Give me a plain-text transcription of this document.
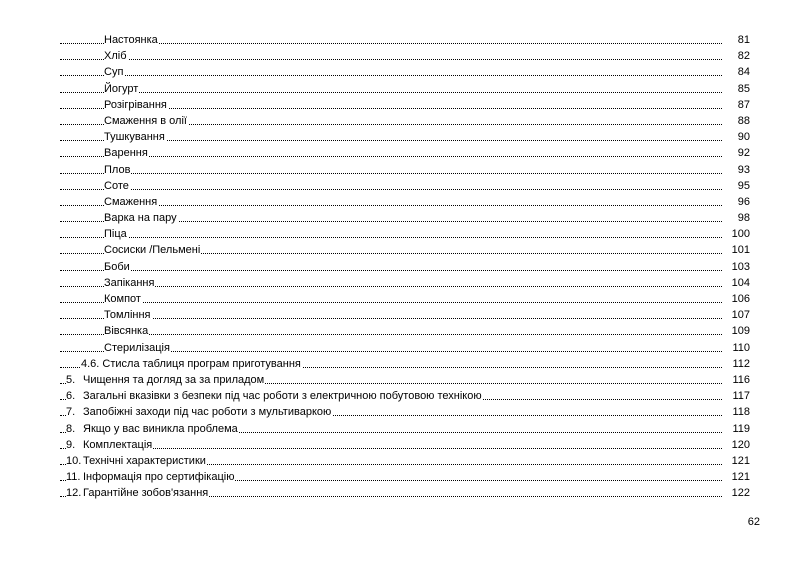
Настоянка	81
Хліб	82
Суп	84
Йогурт	85
Розігрівання	87
Смаження в олії	88
Тушкування	90
Варення	92
Плов	93
Соте	95
Смаження	96
Варка на пару	98
Піца	100
Сосиски /Пельмені	101
Боби	103
Запікання	104
Компот	106
Томління	107
Вівсянка	109
Стерилізація	110
4.6. Стисла таблиця програм приготування	112
5. Чищення та догляд за за приладом	116
6. Загальні вказівки з безпеки під час роботи з електричною побутовою технікою	117
7. Запобіжні заходи під час роботи з мультиваркою	118
8. Якщо у вас виникла проблема	119
9. Комплектація	120
10. Технічні характеристики	121
11. Інформація про сертифікацію	121
12. Гарантійне зобов'язання	122
62
